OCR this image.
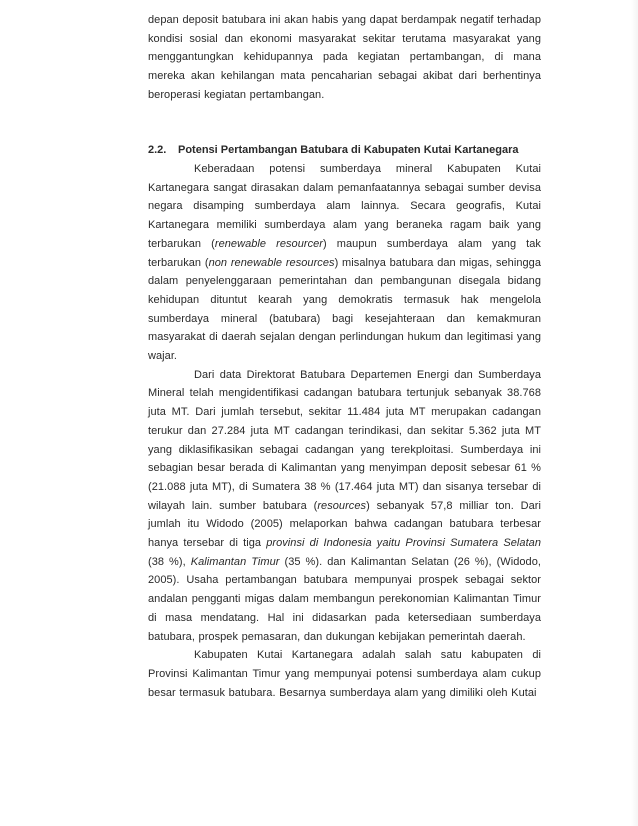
depan deposit batubara ini akan habis yang dapat berdampak negatif terhadap kondisi sosial dan ekonomi masyarakat sekitar terutama masyarakat yang menggantungkan kehidupannya pada kegiatan pertambangan, di mana mereka akan kehilangan mata pencaharian sebagai akibat dari berhentinya beroperasi kegiatan pertambangan.

2.2. Potensi Pertambangan Batubara di Kabupaten Kutai Kartanegara

Keberadaan potensi sumberdaya mineral Kabupaten Kutai Kartanegara sangat dirasakan dalam pemanfaatannya sebagai sumber devisa negara disamping sumberdaya alam lainnya. Secara geografis, Kutai Kartanegara memiliki sumberdaya alam yang beraneka ragam baik yang terbarukan (renewable resourcer) maupun sumberdaya alam yang tak terbarukan (non renewable resources) misalnya batubara dan migas, sehingga dalam penyelenggaraan pemerintahan dan pembangunan disegala bidang kehidupan dituntut kearah yang demokratis termasuk hak mengelola sumberdaya mineral (batubara) bagi kesejahteraan dan kemakmuran masyarakat di daerah sejalan dengan perlindungan hukum dan legitimasi yang wajar.

Dari data Direktorat Batubara Departemen Energi dan Sumberdaya Mineral telah mengidentifikasi cadangan batubara tertunjuk sebanyak 38.768 juta MT. Dari jumlah tersebut, sekitar 11.484 juta MT merupakan cadangan terukur dan 27.284 juta MT cadangan terindikasi, dan sekitar 5.362 juta MT yang diklasifikasikan sebagai cadangan yang terekploitasi. Sumberdaya ini sebagian besar berada di Kalimantan yang menyimpan deposit sebesar 61 % (21.088 juta MT), di Sumatera 38 % (17.464 juta MT) dan sisanya tersebar di wilayah lain. sumber batubara (resources) sebanyak 57,8 milliar ton. Dari jumlah itu Widodo (2005) melaporkan bahwa cadangan batubara terbesar hanya tersebar di tiga provinsi di Indonesia yaitu Provinsi Sumatera Selatan (38 %), Kalimantan Timur (35 %). dan Kalimantan Selatan (26 %), (Widodo, 2005). Usaha pertambangan batubara mempunyai prospek sebagai sektor andalan pengganti migas dalam membangun perekonomian Kalimantan Timur di masa mendatang. Hal ini didasarkan pada ketersediaan sumberdaya batubara, prospek pemasaran, dan dukungan kebijakan pemerintah daerah.

Kabupaten Kutai Kartanegara adalah salah satu kabupaten di Provinsi Kalimantan Timur yang mempunyai potensi sumberdaya alam cukup besar termasuk batubara. Besarnya sumberdaya alam yang dimiliki oleh Kutai
